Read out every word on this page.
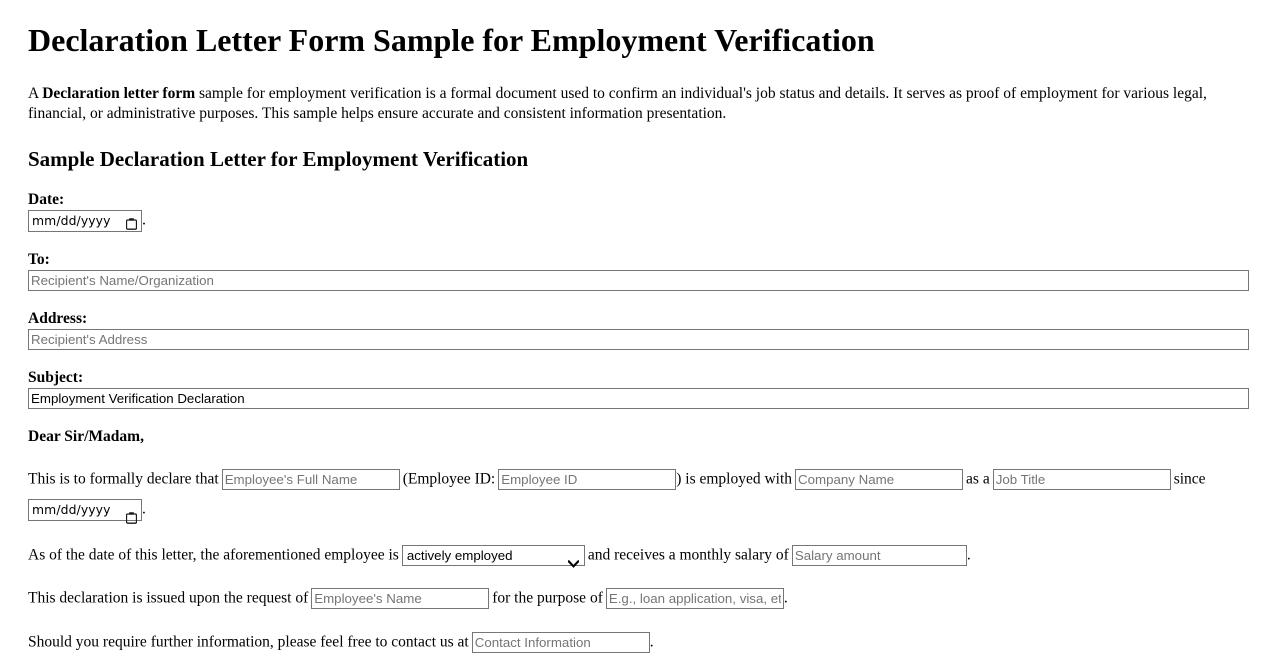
Declaration Letter Form Sample for Employment Verification

A Declaration letter form sample for employment verification is a formal document used to confirm an individual's job status and details. It serves as proof of employment for various legal, financial, or administrative purposes. This sample helps ensure accurate and consistent information presentation.

Sample Declaration Letter for Employment Verification
Date:
mm/dd/yyyy .
To:
Recipient's Name/Organization
Address:
Recipient's Address
Subject:
Employment Verification Declaration
Dear Sir/Madam,
This is to formally declare thatEmployee's Full Name	(Employee ID:Employee ID	) is employed withCompany Name	as aJob Title	since
mm/dd/yyyy .
As of the date of this letter, the aforementioned employee is
actively employed	and receives a monthly salary ofSalary amount	.
This declaration is issued upon the request ofEmployee's Name	for the purpose ofE.g., loan application, visa, etc.	.
Should you require further information, please feel free to contact us atContact Information	.
